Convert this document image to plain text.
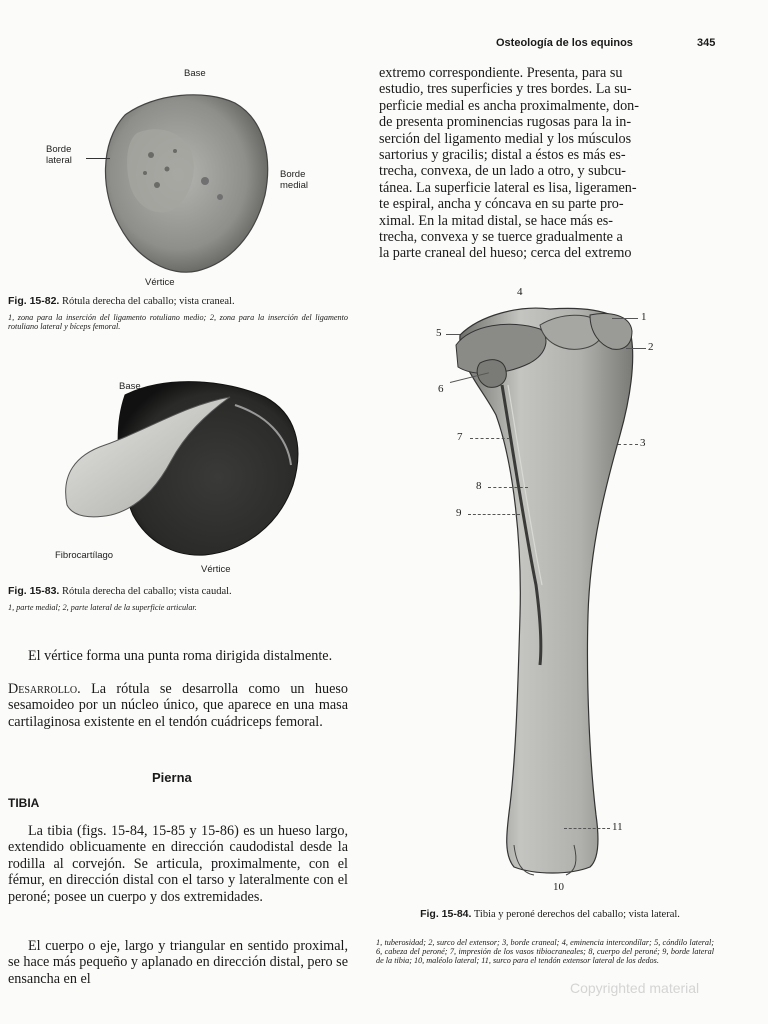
Osteología de los equinos	345

extremo correspondiente. Presenta, para su

estudio, tres superficies y tres bordes. La su-

perficie medial es ancha proximalmente, don-

de presenta prominencias rugosas para la in-

serción del ligamento medial y los músculos

sartorius y gracilis; distal a éstos es más es-

trecha, convexa, de un lado a otro, y subcu-

tánea. La superficie lateral es lisa, ligeramen-

te espiral, ancha y cóncava en su parte pro-

ximal. En la mitad distal, se hace más es-

trecha, convexa y se tuerce gradualmente a

la parte craneal del hueso; cerca del extremo

Base
Borde
lateral
Borde
medial
Vértice
Fig. 15-82. Rótula derecha del caballo; vista craneal.
1, zona para la inserción del ligamento rotuliano medio; 2, zona para la inserción del ligamento rotuliano lateral y bíceps femoral.
Base
Fibrocartílago
Vértice
Fig. 15-83. Rótula derecha del caballo; vista caudal.
1, parte medial; 2, parte lateral de la superficie articular.
El vértice forma una punta roma dirigida distalmente.
Desarrollo. La rótula se desarrolla como un hueso sesamoideo por un núcleo único, que aparece en una masa cartilaginosa existente en el tendón cuádriceps femoral.
Pierna
TIBIA
La tibia (figs. 15-84, 15-85 y 15-86) es un hueso largo, extendido oblicuamente en dirección caudodistal desde la rodilla al corvejón. Se articula, proximalmente, con el fémur, en dirección distal con el tarso y lateralmente con el peroné; posee un cuerpo y dos extremidades.
El cuerpo o eje, largo y triangular en sentido proximal, se hace más pequeño y aplanado en dirección distal, pero se ensancha en el
4
1
2
5
6
7	3
8
9
11
10
Fig. 15-84. Tibia y peroné derechos del caballo; vista lateral.
1, tuberosidad; 2, surco del extensor; 3, borde craneal; 4, eminencia intercondílar; 5, cóndilo lateral; 6, cabeza del peroné; 7, impresión de los vasos tibiocraneales; 8, cuerpo del peroné; 9, borde lateral de la tibia; 10, maléolo lateral; 11, surco para el tendón extensor lateral de los dedos.
Copyrighted material
